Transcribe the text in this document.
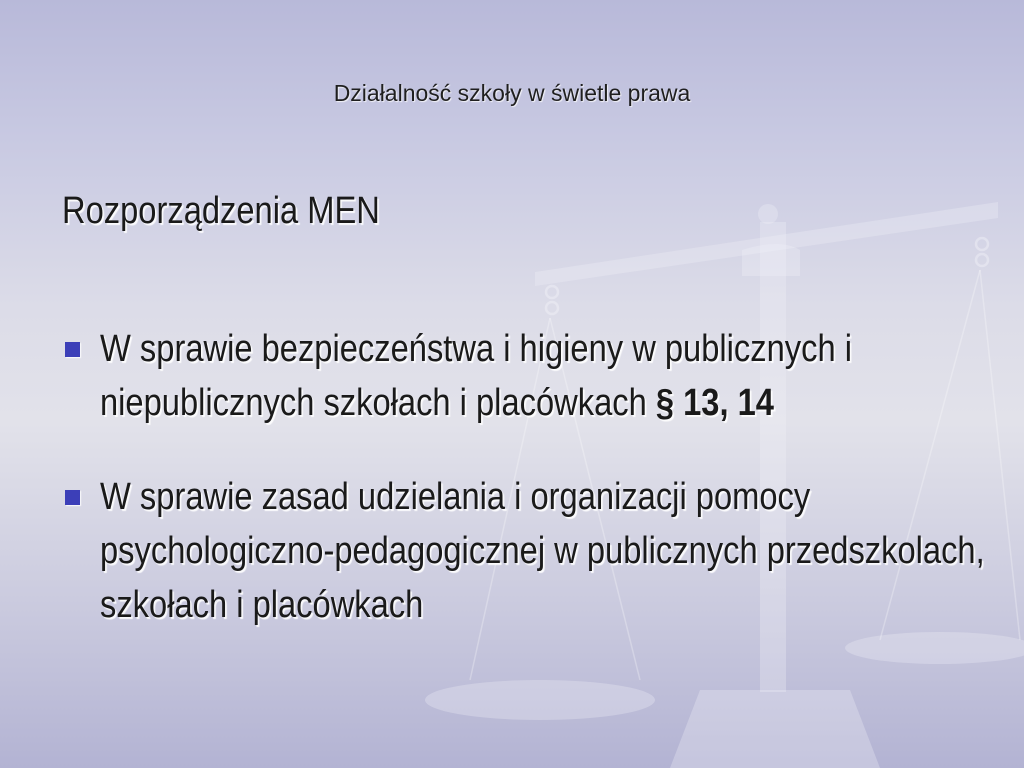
Działalność szkoły w świetle prawa
Rozporządzenia MEN
W sprawie bezpieczeństwa i higieny w publicznych i niepublicznych szkołach i placówkach § 13, 14
W sprawie zasad udzielania i organizacji pomocy psychologiczno-pedagogicznej w publicznych przedszkolach, szkołach i placówkach
